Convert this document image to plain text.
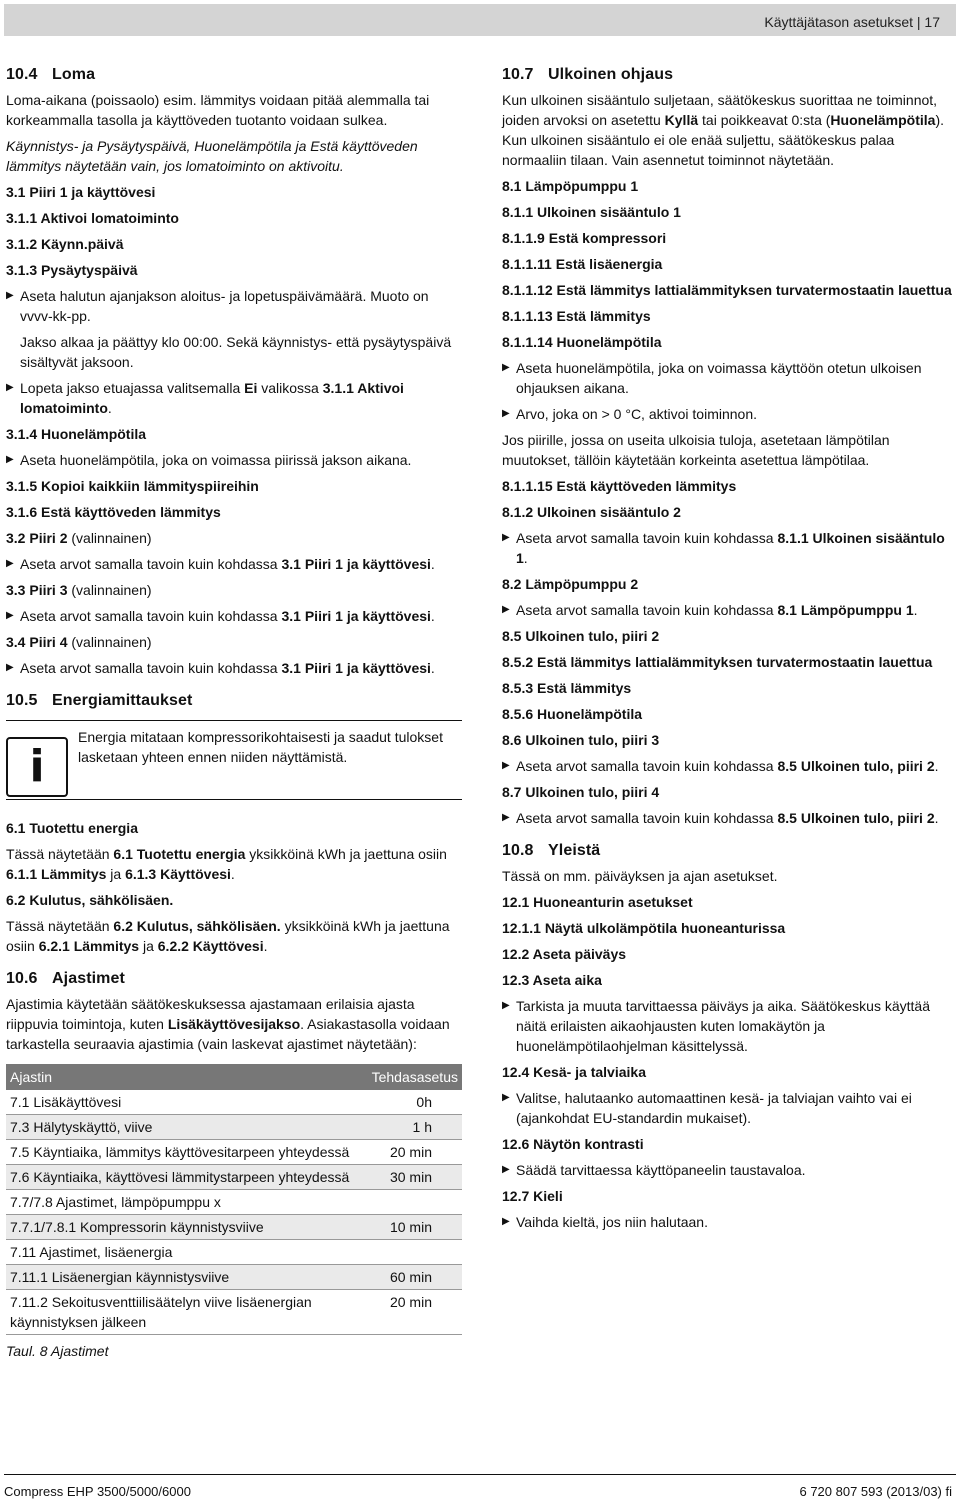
Käyttäjätason asetukset | 17
10.4 Loma

Loma-aikana (poissaolo) esim. lämmitys voidaan pitää alemmalla tai korkeammalla tasolla ja käyttöveden tuotanto voidaan sulkea.

Käynnistys- ja Pysäytyspäivä, Huonelämpötila ja Estä käyttöveden lämmitys näytetään vain, jos lomatoiminto on aktivoitu.

3.1 Piiri 1 ja käyttövesi
3.1.1 Aktivoi lomatoiminto
3.1.2 Käynn.päivä
3.1.3 Pysäytyspäivä
▶ Aseta halutun ajanjakson aloitus- ja lopetuspäivämäärä. Muoto on vvvv-kk-pp.
Jakso alkaa ja päättyy klo 00:00. Sekä käynnistys- että pysäytyspäivä sisältyvät jaksoon.
▶ Lopeta jakso etuajassa valitsemalla Ei valikossa 3.1.1 Aktivoi lomatoiminto.
3.1.4 Huonelämpötila
▶ Aseta huonelämpötila, joka on voimassa piirissä jakson aikana.
3.1.5 Kopioi kaikkiin lämmityspiireihin
3.1.6 Estä käyttöveden lämmitys
3.2 Piiri 2 (valinnainen)
▶ Aseta arvot samalla tavoin kuin kohdassa 3.1 Piiri 1 ja käyttövesi.
3.3 Piiri 3 (valinnainen)
▶ Aseta arvot samalla tavoin kuin kohdassa 3.1 Piiri 1 ja käyttövesi.
3.4 Piiri 4 (valinnainen)
▶ Aseta arvot samalla tavoin kuin kohdassa 3.1 Piiri 1 ja käyttövesi.
10.5 Energiamittaukset
i
Energia mitataan kompressorikohtaisesti ja saadut tulokset lasketaan yhteen ennen niiden näyttämistä.
6.1 Tuotettu energia

Tässä näytetään 6.1 Tuotettu energia yksikköinä kWh ja jaettuna osiin 6.1.1 Lämmitys ja 6.1.3 Käyttövesi.

6.2 Kulutus, sähkölisäen.

Tässä näytetään 6.2 Kulutus, sähkölisäen. yksikköinä kWh ja jaettuna osiin 6.2.1 Lämmitys ja 6.2.2 Käyttövesi.

10.6 Ajastimet

Ajastimia käytetään säätökeskuksessa ajastamaan erilaisia ajasta riippuvia toimintoja, kuten Lisäkäyttövesijakso. Asiakastasolla voidaan tarkastella seuraavia ajastimia (vain laskevat ajastimet näytetään):

Ajastin	Tehdasasetus
7.1 Lisäkäyttövesi	0h
7.3 Hälytyskäyttö, viive	1 h
7.5 Käyntiaika, lämmitys käyttövesitarpeen yhteydessä	20 min
7.6 Käyntiaika, käyttövesi lämmitystarpeen yhteydessä	30 min
7.7/7.8 Ajastimet, lämpöpumppu x	
7.7.1/7.8.1 Kompressorin käynnistysviive	10 min
7.11 Ajastimet, lisäenergia	
7.11.1 Lisäenergian käynnistysviive	60 min
7.11.2 Sekoitusventtiilisäätelyn viive lisäenergian käynnistyksen jälkeen	20 min
Taul. 8 Ajastimet
10.7 Ulkoinen ohjaus

Kun ulkoinen sisääntulo suljetaan, säätökeskus suorittaa ne toiminnot, joiden arvoksi on asetettu Kyllä tai poikkeavat 0:sta (Huonelämpötila). Kun ulkoinen sisääntulo ei ole enää suljettu, säätökeskus palaa normaaliin tilaan. Vain asennetut toiminnot näytetään.

8.1 Lämpöpumppu 1
8.1.1 Ulkoinen sisääntulo 1
8.1.1.9 Estä kompressori
8.1.1.11 Estä lisäenergia
8.1.1.12 Estä lämmitys lattialämmityksen turvatermostaatin lauettua
8.1.1.13 Estä lämmitys
8.1.1.14 Huonelämpötila
▶ Aseta huonelämpötila, joka on voimassa käyttöön otetun ulkoisen ohjauksen aikana.
▶ Arvo, joka on > 0 °C, aktivoi toiminnon.

Jos piirille, jossa on useita ulkoisia tuloja, asetetaan lämpötilan muutokset, tällöin käytetään korkeinta asetettua lämpötilaa.

8.1.1.15 Estä käyttöveden lämmitys
8.1.2 Ulkoinen sisääntulo 2
▶ Aseta arvot samalla tavoin kuin kohdassa 8.1.1 Ulkoinen sisääntulo 1.
8.2 Lämpöpumppu 2
▶ Aseta arvot samalla tavoin kuin kohdassa 8.1 Lämpöpumppu 1.
8.5 Ulkoinen tulo, piiri 2
8.5.2 Estä lämmitys lattialämmityksen turvatermostaatin lauettua
8.5.3 Estä lämmitys
8.5.6 Huonelämpötila
8.6 Ulkoinen tulo, piiri 3
▶ Aseta arvot samalla tavoin kuin kohdassa 8.5 Ulkoinen tulo, piiri 2.
8.7 Ulkoinen tulo, piiri 4
▶ Aseta arvot samalla tavoin kuin kohdassa 8.5 Ulkoinen tulo, piiri 2.
10.8 Yleistä

Tässä on mm. päiväyksen ja ajan asetukset.

12.1 Huoneanturin asetukset
12.1.1 Näytä ulkolämpötila huoneanturissa
12.2 Aseta päiväys
12.3 Aseta aika
▶ Tarkista ja muuta tarvittaessa päiväys ja aika. Säätökeskus käyttää näitä erilaisten aikaohjausten kuten lomakäytön ja huonelämpötilaohjelman käsittelyssä.
12.4 Kesä- ja talviaika
▶ Valitse, halutaanko automaattinen kesä- ja talviajan vaihto vai ei (ajankohdat EU-standardin mukaiset).
12.6 Näytön kontrasti
▶ Säädä tarvittaessa käyttöpaneelin taustavaloa.
12.7 Kieli
▶ Vaihda kieltä, jos niin halutaan.
Compress EHP 3500/5000/6000	6 720 807 593 (2013/03) fi
